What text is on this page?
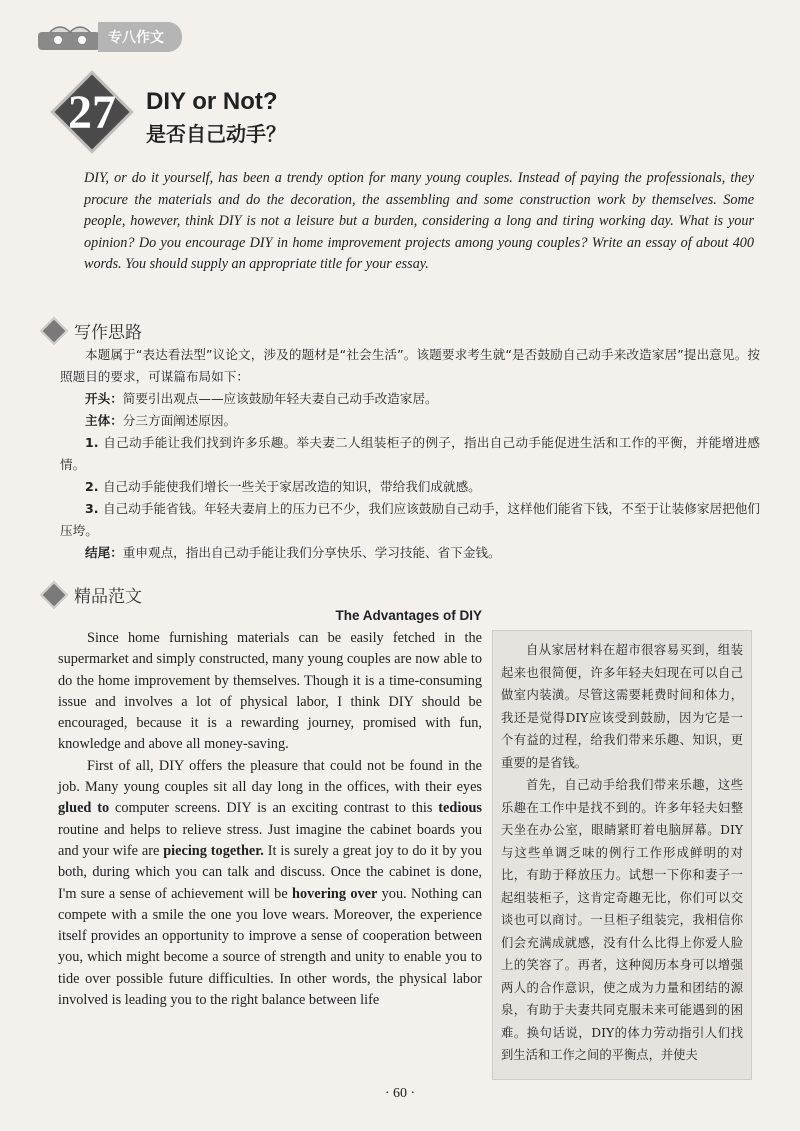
专八作文
27	DIY or Not?
是否自己动手？
DIY, or do it yourself, has been a trendy option for many young couples. Instead of paying the professionals, they procure the materials and do the decoration, the assembling and some construction work by themselves. Some people, however, think DIY is not a leisure but a burden, considering a long and tiring working day. What is your opinion? Do you encourage DIY in home improvement projects among young couples? Write an essay of about 400 words. You should supply an appropriate title for your essay.
写作思路

本题属于“表达看法型”议论文，涉及的题材是“社会生活”。该题要求考生就“是否鼓励自己动手来改造家居”提出意见。按照题目的要求，可谋篇布局如下：

开头：简要引出观点——应该鼓励年轻夫妻自己动手改造家居。

主体：分三方面阐述原因。

1. 自己动手能让我们找到许多乐趣。举夫妻二人组装柜子的例子，指出自己动手能促进生活和工作的平衡，并能增进感情。

2. 自己动手能使我们增长一些关于家居改造的知识，带给我们成就感。

3. 自己动手能省钱。年轻夫妻肩上的压力已不少，我们应该鼓励自己动手，这样他们能省下钱，不至于让装修家居把他们压垮。

结尾：重申观点，指出自己动手能让我们分享快乐、学习技能、省下金钱。

精品范文
The Advantages of DIY

Since home furnishing materials can be easily fetched in the supermarket and simply constructed, many young couples are now able to do the home improvement by themselves. Though it is a time-consuming issue and involves a lot of physical labor, I think DIY should be encouraged, because it is a rewarding journey, promised with fun, knowledge and above all money-saving.

First of all, DIY offers the pleasure that could not be found in the job. Many young couples sit all day long in the offices, with their eyes glued to computer screens. DIY is an exciting contrast to this tedious routine and helps to relieve stress. Just imagine the cabinet boards you and your wife are piecing together. It is surely a great joy to do it by you both, during which you can talk and discuss. Once the cabinet is done, I'm sure a sense of achievement will be hovering over you. Nothing can compete with a smile the one you love wears. Moreover, the experience itself provides an opportunity to improve a sense of cooperation between you, which might become a source of strength and unity to enable you to tide over possible future difficulties. In other words, the physical labor involved is leading you to the right balance between life

自从家居材料在超市很容易买到，组装起来也很简便，许多年轻夫妇现在可以自己做室内装潢。尽管这需要耗费时间和体力，我还是觉得DIY应该受到鼓励，因为它是一个有益的过程，给我们带来乐趣、知识，更重要的是省钱。

首先，自己动手给我们带来乐趣，这些乐趣在工作中是找不到的。许多年轻夫妇整天坐在办公室，眼睛紧盯着电脑屏幕。DIY与这些单调乏味的例行工作形成鲜明的对比，有助于释放压力。试想一下你和妻子一起组装柜子，这肯定奇趣无比，你们可以交谈也可以商讨。一旦柜子组装完，我相信你们会充满成就感，没有什么比得上你爱人脸上的笑容了。再者，这种阅历本身可以增强两人的合作意识，使之成为力量和团结的源泉，有助于夫妻共同克服未来可能遇到的困难。换句话说，DIY的体力劳动指引人们找到生活和工作之间的平衡点，并使夫

· 60 ·
